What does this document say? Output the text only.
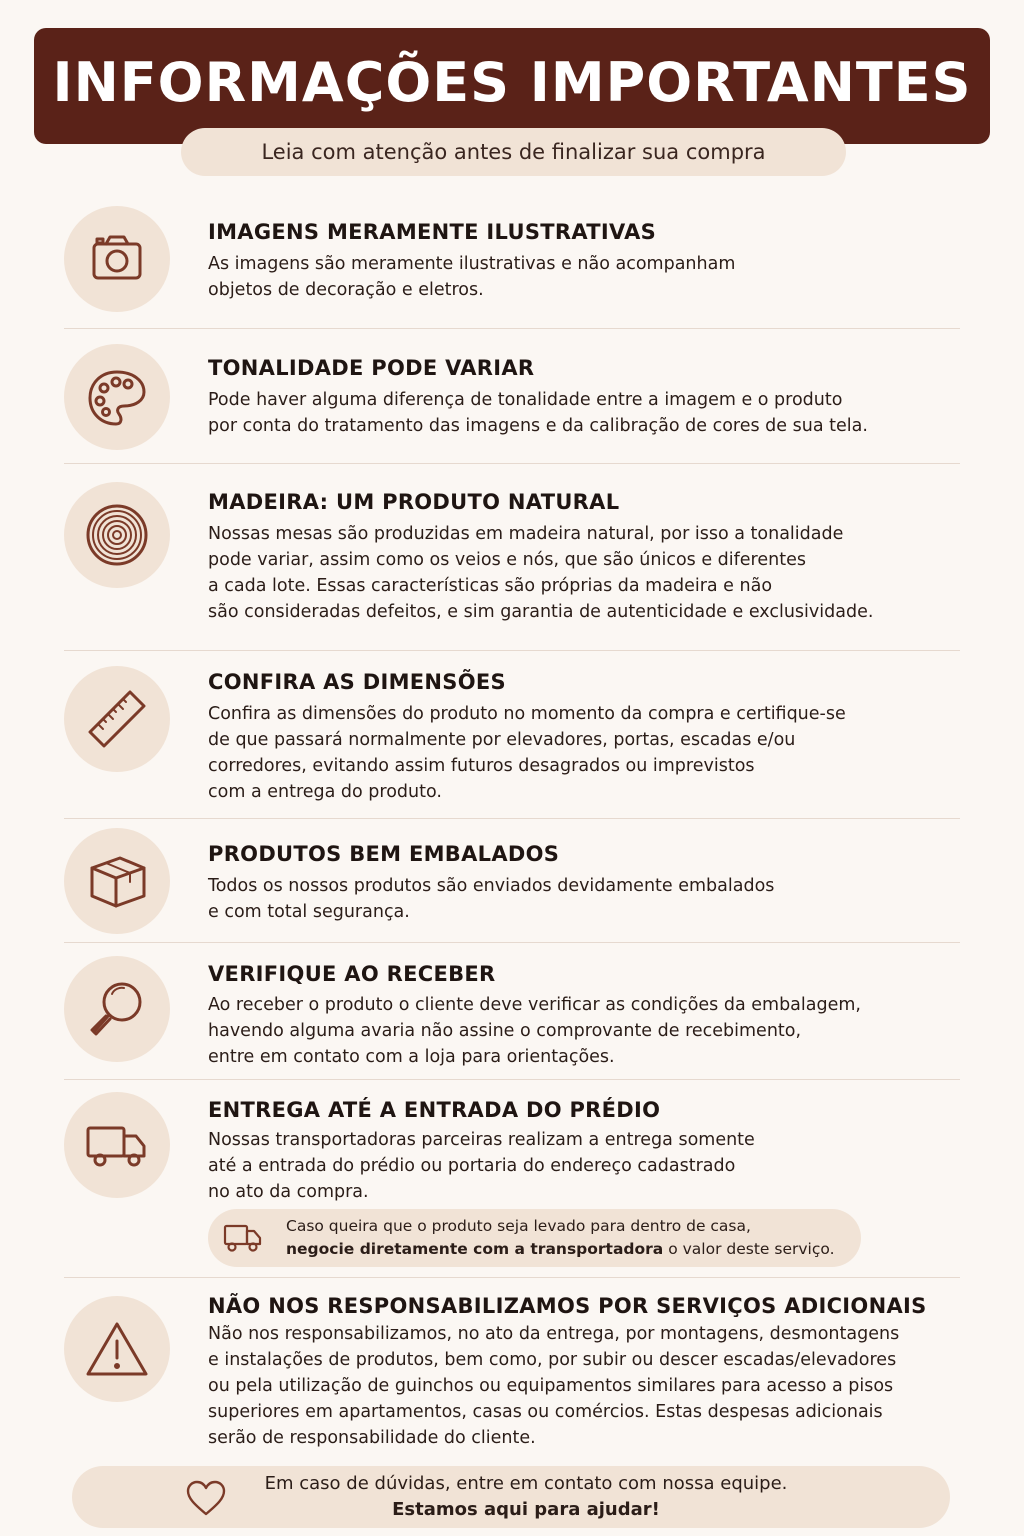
INFORMAÇÕES IMPORTANTES
Leia com atenção antes de finalizar sua compra
IMAGENS MERAMENTE ILUSTRATIVAS
As imagens são meramente ilustrativas e não acompanham
objetos de decoração e eletros.
TONALIDADE PODE VARIAR
Pode haver alguma diferença de tonalidade entre a imagem e o produto
por conta do tratamento das imagens e da calibração de cores de sua tela.
MADEIRA: UM PRODUTO NATURAL
Nossas mesas são produzidas em madeira natural, por isso a tonalidade
pode variar, assim como os veios e nós, que são únicos e diferentes
a cada lote. Essas características são próprias da madeira e não
são consideradas defeitos, e sim garantia de autenticidade e exclusividade.
CONFIRA AS DIMENSÕES
Confira as dimensões do produto no momento da compra e certifique-se
de que passará normalmente por elevadores, portas, escadas e/ou
corredores, evitando assim futuros desagrados ou imprevistos
com a entrega do produto.
PRODUTOS BEM EMBALADOS
Todos os nossos produtos são enviados devidamente embalados
e com total segurança.
VERIFIQUE AO RECEBER
Ao receber o produto o cliente deve verificar as condições da embalagem,
havendo alguma avaria não assine o comprovante de recebimento,
entre em contato com a loja para orientações.
ENTREGA ATÉ A ENTRADA DO PRÉDIO
Nossas transportadoras parceiras realizam a entrega somente
até a entrada do prédio ou portaria do endereço cadastrado
no ato da compra.
Caso queira que o produto seja levado para dentro de casa,
negocie diretamente com a transportadora o valor deste serviço.
NÃO NOS RESPONSABILIZAMOS POR SERVIÇOS ADICIONAIS
Não nos responsabilizamos, no ato da entrega, por montagens, desmontagens
e instalações de produtos, bem como, por subir ou descer escadas/elevadores
ou pela utilização de guinchos ou equipamentos similares para acesso a pisos
superiores em apartamentos, casas ou comércios. Estas despesas adicionais
serão de responsabilidade do cliente.
Em caso de dúvidas, entre em contato com nossa equipe.
Estamos aqui para ajudar!
